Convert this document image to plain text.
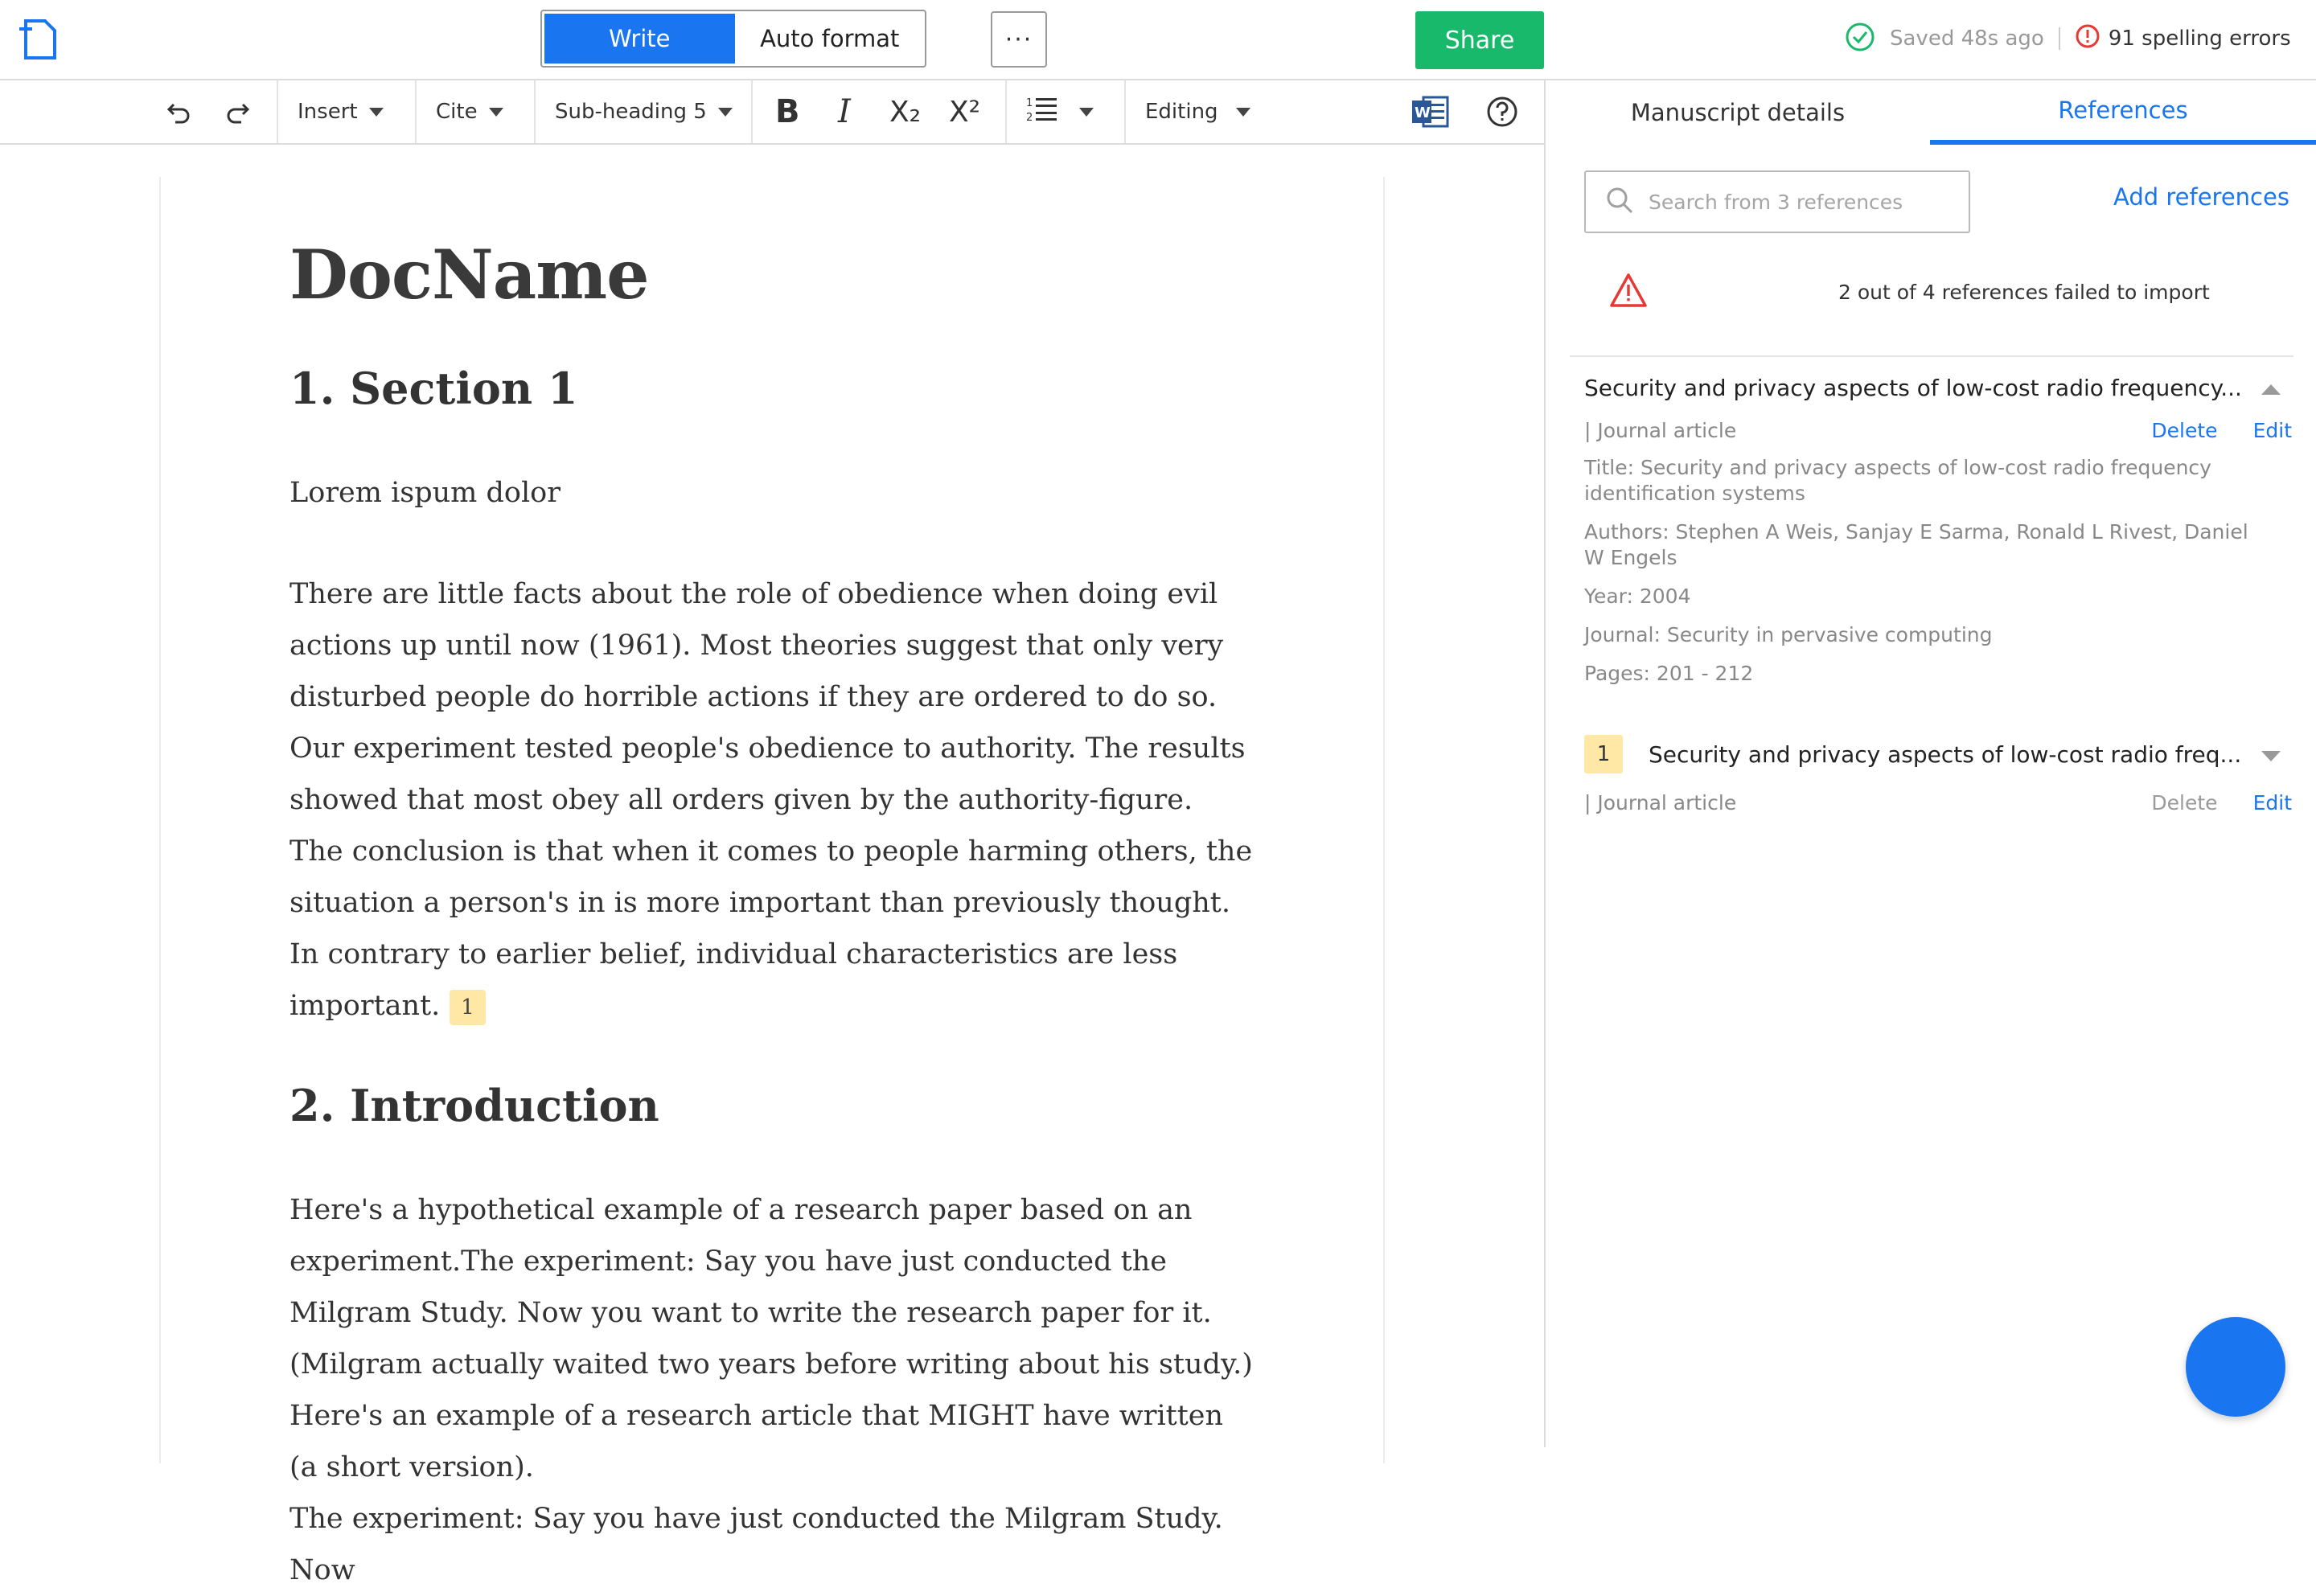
Write	Auto format	···	Share	Saved 48s ago	91 spelling errors
Insert	Cite	Sub-heading 5 B I X₂ X²	1
2	Editing	W
DocName
1. Section 1

Lorem ispum dolor

There are little facts about the role of obedience when doing evil actions up until now (1961). Most theories suggest that only very disturbed people do horrible actions if they are ordered to do so.

Our experiment tested people's obedience to authority. The results showed that most obey all orders given by the authority-figure. The conclusion is that when it comes to people harming others, the situation a person's in is more important than previously thought. In contrary to earlier belief, individual characteristics are less important. 1

2. Introduction

Here's a hypothetical example of a research paper based on an experiment.The experiment: Say you have just conducted the Milgram Study. Now you want to write the research paper for it. (Milgram actually waited two years before writing about his study.) Here's an example of a research article that MIGHT have written (a short version).

The experiment: Say you have just conducted the Milgram Study. Now

Manuscript details	References
Search from 3 references
Add references
2 out of 4 references failed to import
Security and privacy aspects of low-cost radio frequency...
| Journal article	Delete Edit
Title: Security and privacy aspects of low-cost radio frequency identification systems
Authors: Stephen A Weis, Sanjay E Sarma, Ronald L Rivest, Daniel W Engels
Year: 2004
Journal: Security in pervasive computing
Pages: 201 - 212
1	Security and privacy aspects of low-cost radio freq...
| Journal article	Delete Edit
